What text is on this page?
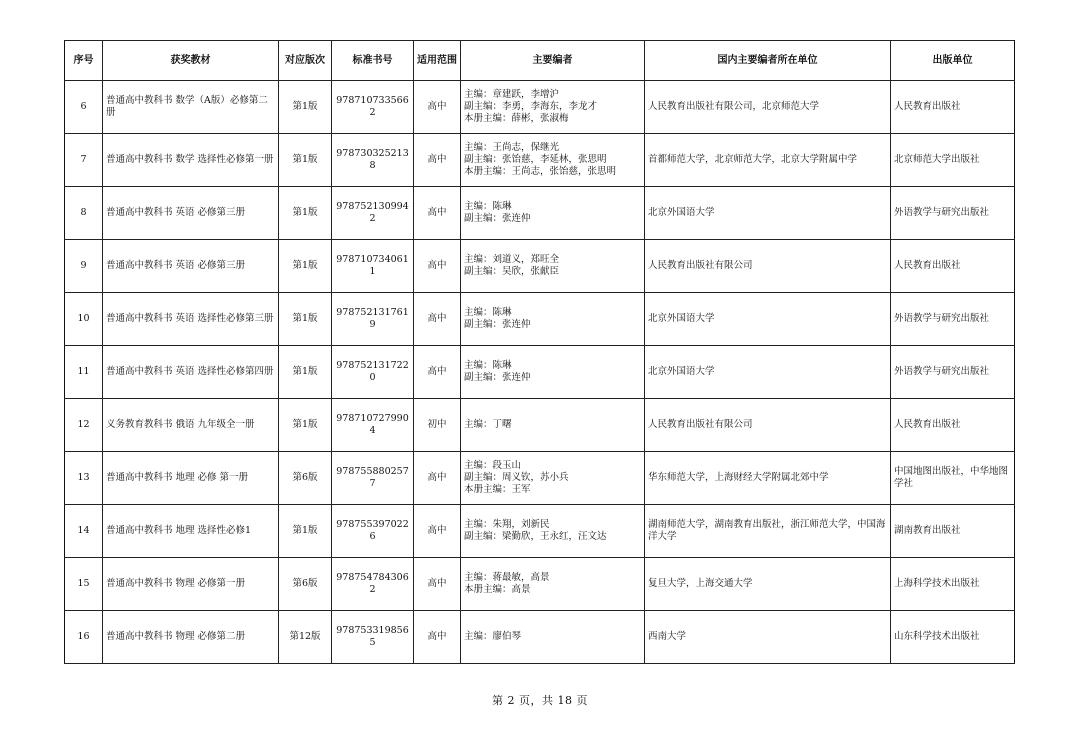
序号	获奖教材	对应版次	标准书号	适用范围	主要编者	国内主要编者所在单位	出版单位
6	普通高中教科书 数学（A版）必修第二册	第1版	9787107335662	高中	主编：章建跃，李增沪
副主编：李勇，李海东，李龙才
本册主编：薛彬，张淑梅	人民教育出版社有限公司，北京师范大学	人民教育出版社
7	普通高中教科书 数学 选择性必修第一册	第1版	9787303252138	高中	主编：王尚志，保继光
副主编：张饴慈，李延林，张思明
本册主编：王尚志，张饴慈，张思明	首都师范大学，北京师范大学，北京大学附属中学	北京师范大学出版社
8	普通高中教科书 英语 必修第三册	第1版	9787521309942	高中	主编：陈琳
副主编：张连仲	北京外国语大学	外语教学与研究出版社
9	普通高中教科书 英语 必修第三册	第1版	9787107340611	高中	主编：刘道义，郑旺全
副主编：吴欣，张献臣	人民教育出版社有限公司	人民教育出版社
10	普通高中教科书 英语 选择性必修第三册	第1版	9787521317619	高中	主编：陈琳
副主编：张连仲	北京外国语大学	外语教学与研究出版社
11	普通高中教科书 英语 选择性必修第四册	第1版	9787521317220	高中	主编：陈琳
副主编：张连仲	北京外国语大学	外语教学与研究出版社
12	义务教育教科书 俄语 九年级全一册	第1版	9787107279904	初中	主编：丁曙	人民教育出版社有限公司	人民教育出版社
13	普通高中教科书 地理 必修 第一册	第6版	9787558802577	高中	主编：段玉山
副主编：周义钦，苏小兵
本册主编：王军	华东师范大学，上海财经大学附属北郊中学	中国地图出版社，中华地图学社
14	普通高中教科书 地理 选择性必修1	第1版	9787553970226	高中	主编：朱翔，刘新民
副主编：梁勤欣，王永红，汪文达	湖南师范大学，湖南教育出版社，浙江师范大学，中国海洋大学	湖南教育出版社
15	普通高中教科书 物理 必修第一册	第6版	9787547843062	高中	主编：蒋最敏，高景
本册主编：高景	复旦大学，上海交通大学	上海科学技术出版社
16	普通高中教科书 物理 必修第二册	第12版	9787533198565	高中	主编：廖伯琴	西南大学	山东科学技术出版社
第 2 页，共 18 页
